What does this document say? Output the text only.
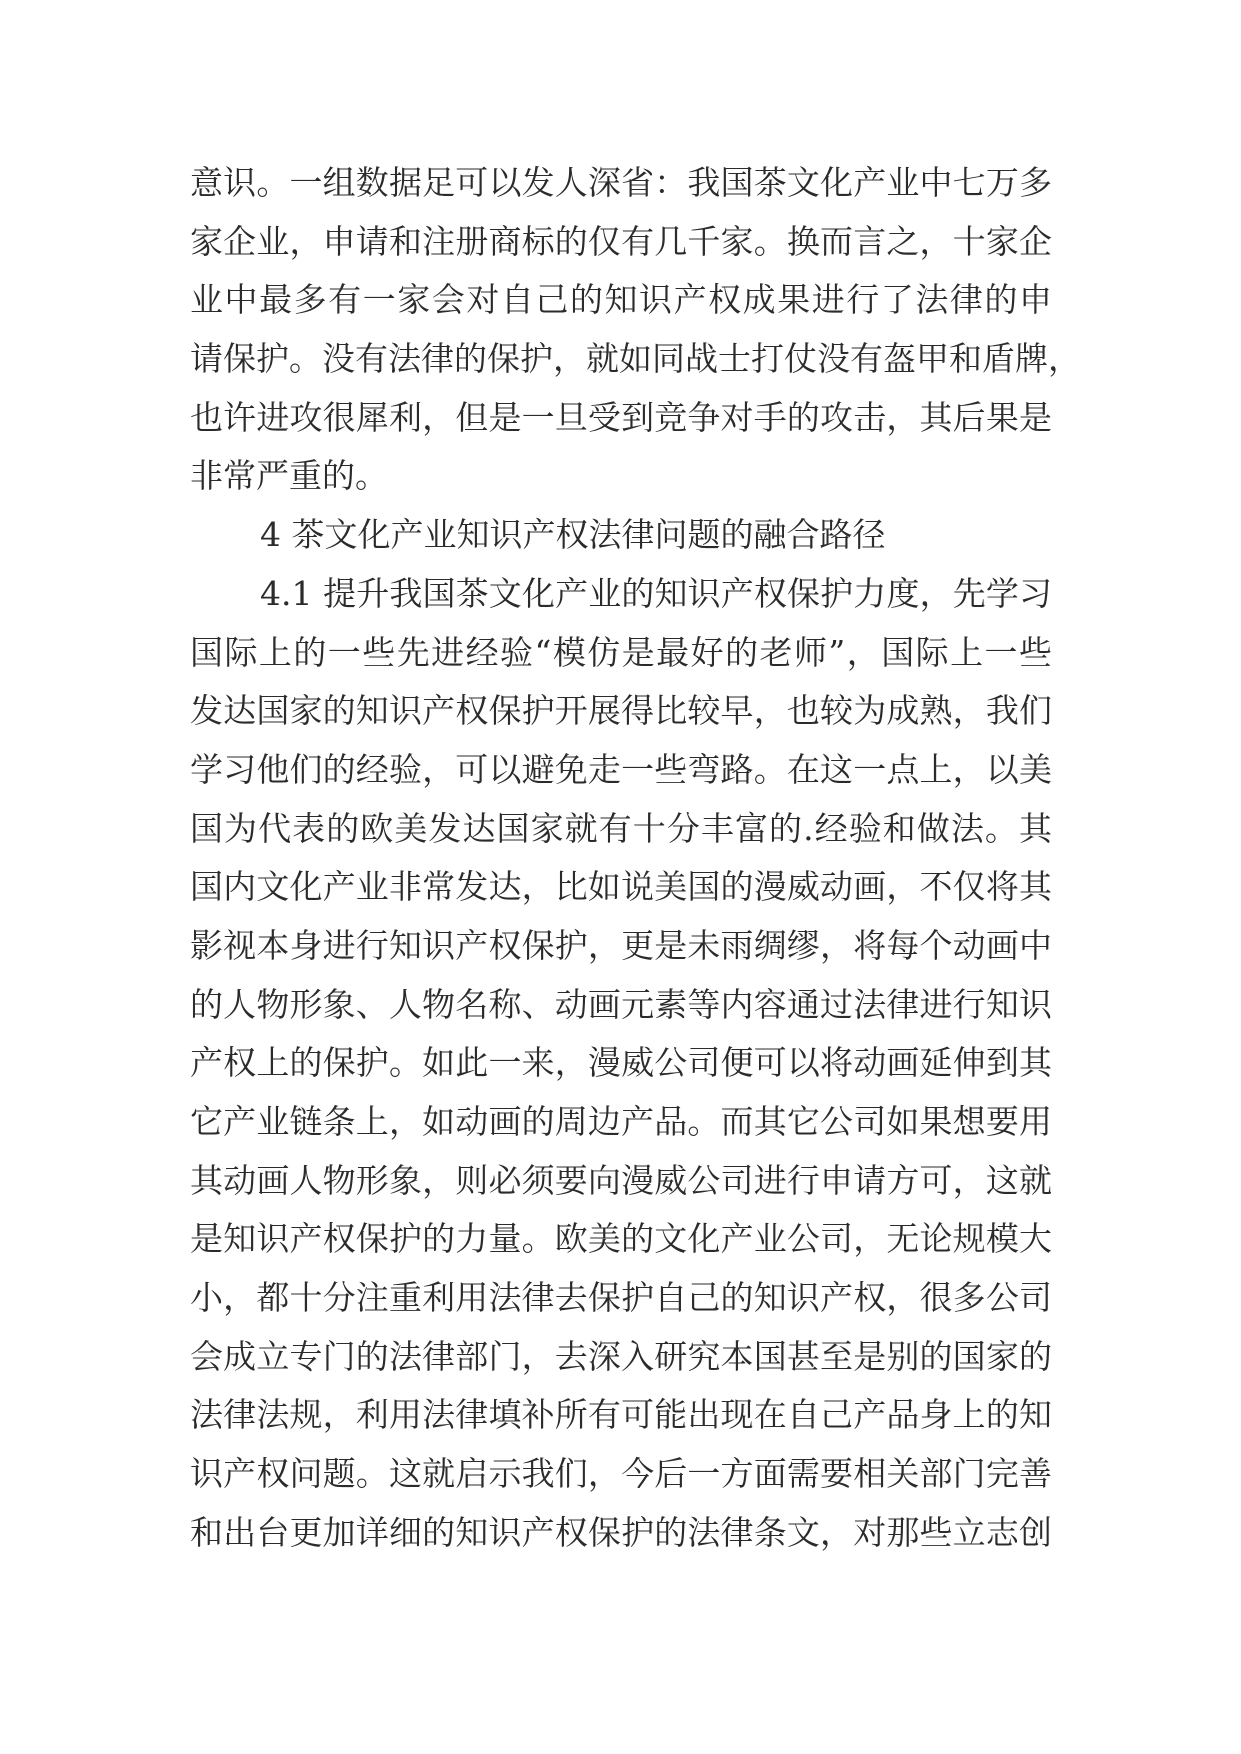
意识。一组数据足可以发人深省：我国茶文化产业中七万多
家企业，申请和注册商标的仅有几千家。换而言之，十家企
业中最多有一家会对自己的知识产权成果进行了法律的申
请保护。没有法律的保护，就如同战士打仗没有盔甲和盾牌，
也许进攻很犀利，但是一旦受到竞争对手的攻击，其后果是
非常严重的。
4 茶文化产业知识产权法律问题的融合路径
4.1 提升我国茶文化产业的知识产权保护力度，先学习
国际上的一些先进经验“模仿是最好的老师”，国际上一些
发达国家的知识产权保护开展得比较早，也较为成熟，我们
学习他们的经验，可以避免走一些弯路。在这一点上，以美
国为代表的欧美发达国家就有十分丰富的.经验和做法。其
国内文化产业非常发达，比如说美国的漫威动画，不仅将其
影视本身进行知识产权保护，更是未雨绸缪，将每个动画中
的人物形象、人物名称、动画元素等内容通过法律进行知识
产权上的保护。如此一来，漫威公司便可以将动画延伸到其
它产业链条上，如动画的周边产品。而其它公司如果想要用
其动画人物形象，则必须要向漫威公司进行申请方可，这就
是知识产权保护的力量。欧美的文化产业公司，无论规模大
小，都十分注重利用法律去保护自己的知识产权，很多公司
会成立专门的法律部门，去深入研究本国甚至是别的国家的
法律法规，利用法律填补所有可能出现在自己产品身上的知
识产权问题。这就启示我们，今后一方面需要相关部门完善
和出台更加详细的知识产权保护的法律条文，对那些立志创
